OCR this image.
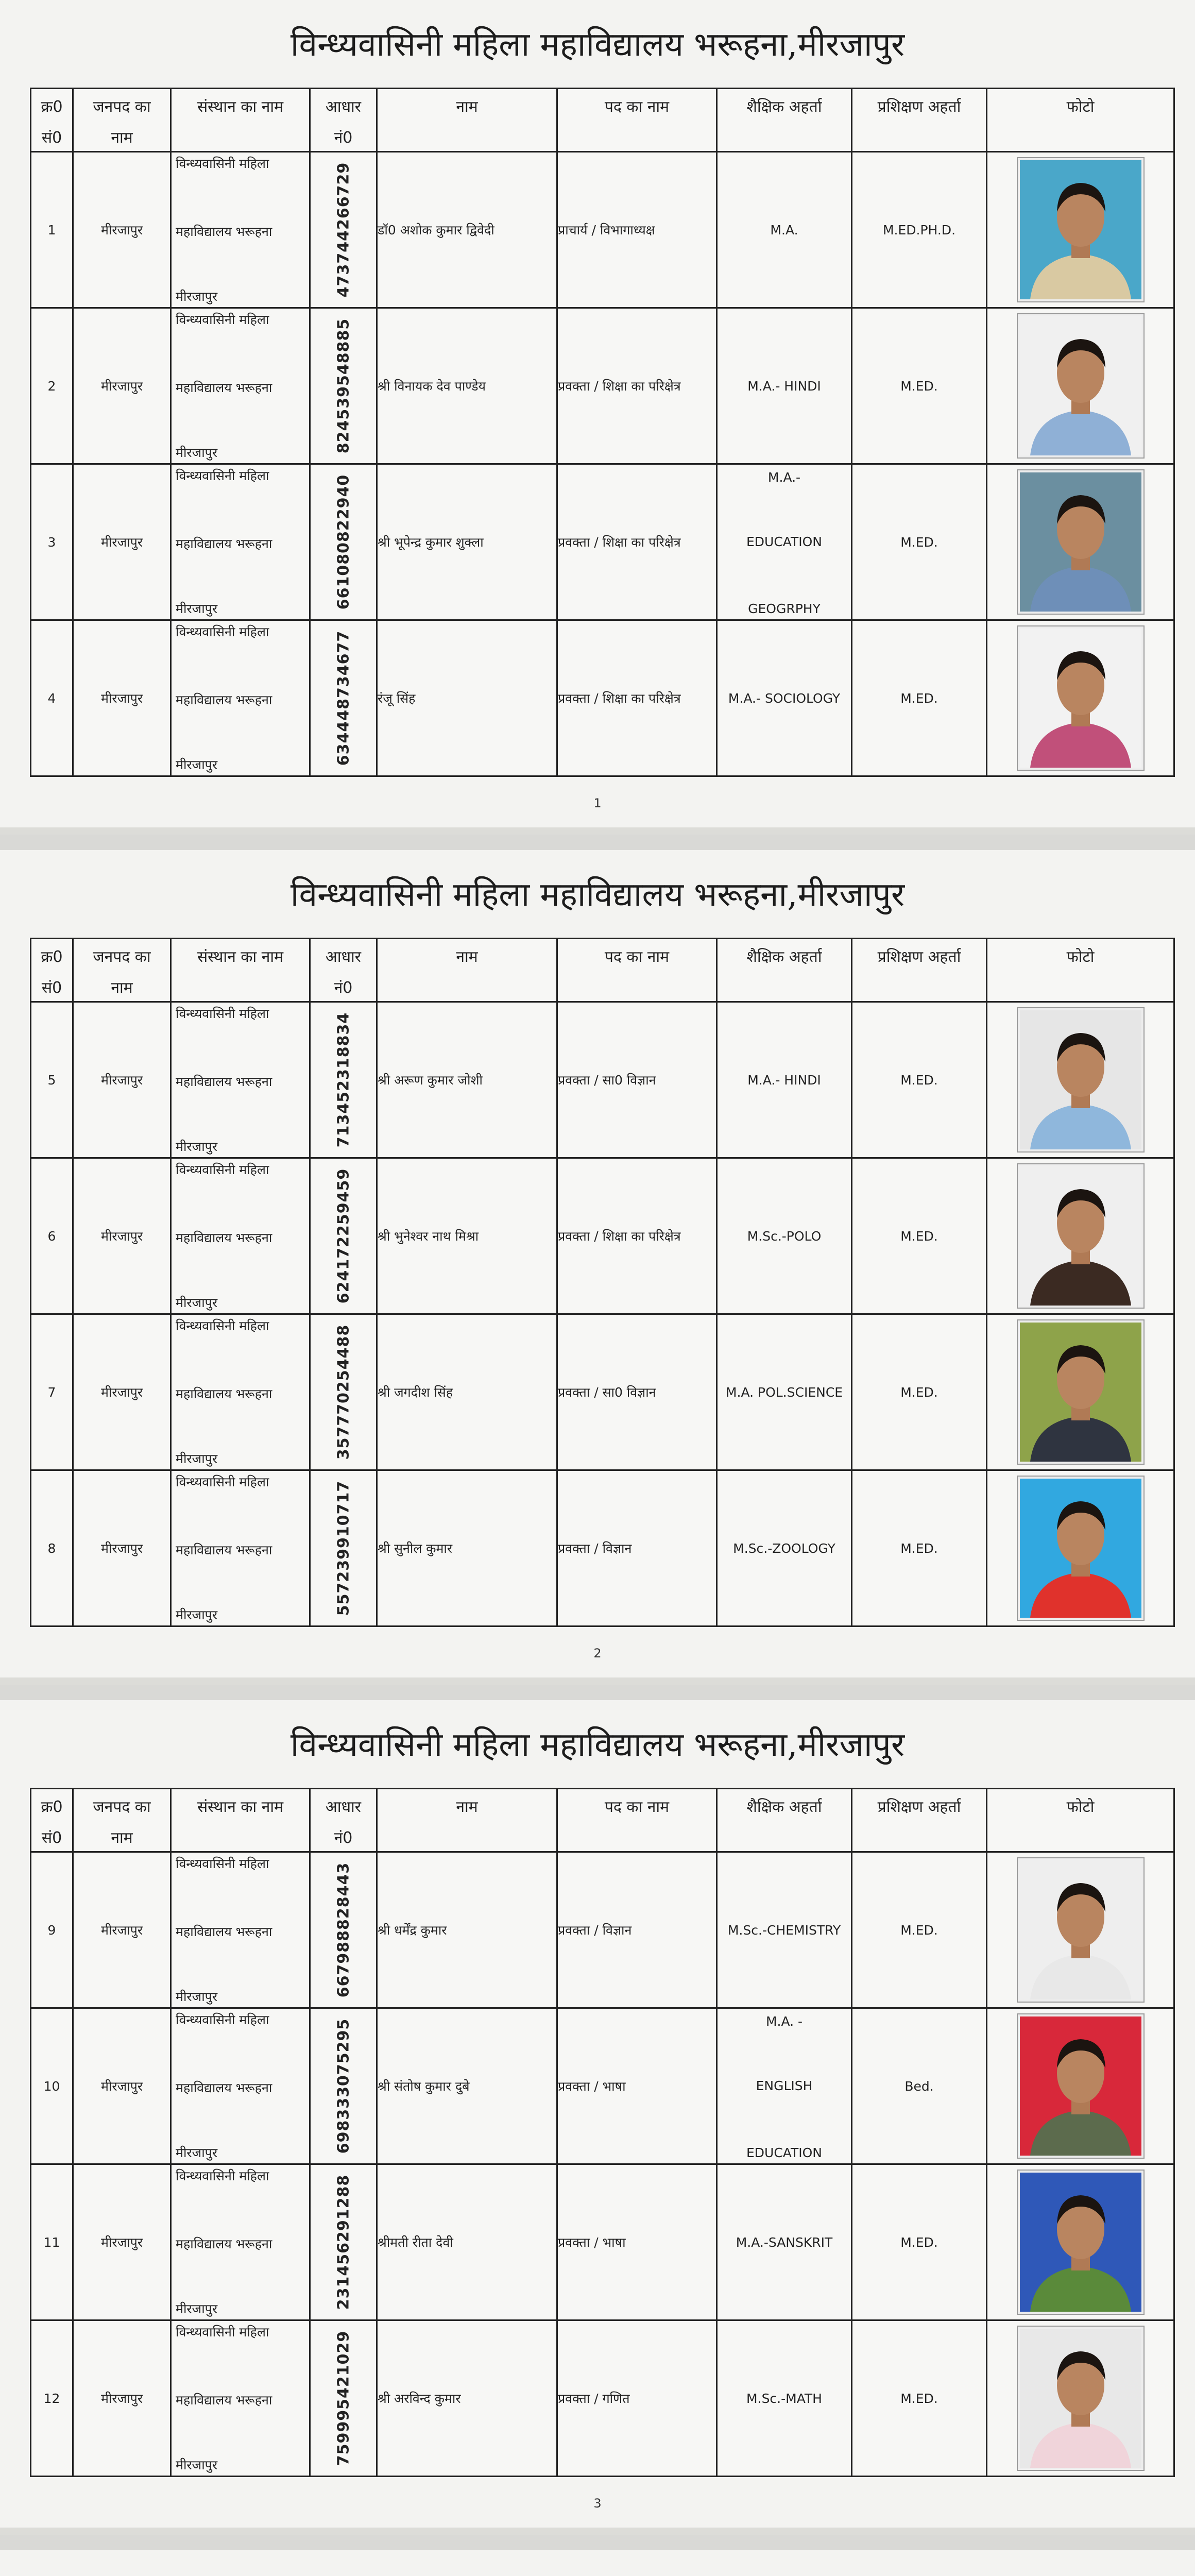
विन्ध्यवासिनी महिला महाविद्यालय भरूहना,मीरजापुर
क्र0	जनपद का	संस्थान का नाम	आधार	नाम	पद का नाम	शैक्षिक अहर्ता	प्रशिक्षण अहर्ता	फोटो
सं0	नाम		नं0					
1	मीरजापुर	विन्ध्यवासिनी महिला
महाविद्यालय भरूहना
मीरजापुर	473744266729	डॉ0 अशोक कुमार द्विवेदी	प्राचार्य / विभागाध्यक्ष	M.A.	M.ED.PH.D.	

2	मीरजापुर	विन्ध्यवासिनी महिला
महाविद्यालय भरूहना
मीरजापुर	824539548885	श्री विनायक देव पाण्डेय	प्रवक्ता / शिक्षा का परिक्षेत्र	M.A.- HINDI	M.ED.	

3	मीरजापुर	विन्ध्यवासिनी महिला
महाविद्यालय भरूहना
मीरजापुर	661080822940	श्री भूपेन्द्र कुमार शुक्ला	प्रवक्ता / शिक्षा का परिक्षेत्र	M.A.-
EDUCATION
GEOGRPHY	M.ED.	

4	मीरजापुर	विन्ध्यवासिनी महिला
महाविद्यालय भरूहना
मीरजापुर	634448734677	रंजू सिंह	प्रवक्ता / शिक्षा का परिक्षेत्र	M.A.- SOCIOLOGY	M.ED.	
1
विन्ध्यवासिनी महिला महाविद्यालय भरूहना,मीरजापुर
क्र0	जनपद का	संस्थान का नाम	आधार	नाम	पद का नाम	शैक्षिक अहर्ता	प्रशिक्षण अहर्ता	फोटो
सं0	नाम		नं0					
5	मीरजापुर	विन्ध्यवासिनी महिला
महाविद्यालय भरूहना
मीरजापुर	713452318834	श्री अरूण कुमार जोशी	प्रवक्ता / सा0 विज्ञान	M.A.- HINDI	M.ED.	

6	मीरजापुर	विन्ध्यवासिनी महिला
महाविद्यालय भरूहना
मीरजापुर	624172259459	श्री भुनेश्वर नाथ मिश्रा	प्रवक्ता / शिक्षा का परिक्षेत्र	M.Sc.-POLO	M.ED.	

7	मीरजापुर	विन्ध्यवासिनी महिला
महाविद्यालय भरूहना
मीरजापुर	357770254488	श्री जगदीश सिंह	प्रवक्ता / सा0 विज्ञान	M.A. POL.SCIENCE	M.ED.	

8	मीरजापुर	विन्ध्यवासिनी महिला
महाविद्यालय भरूहना
मीरजापुर	557239910717	श्री सुनील कुमार	प्रवक्ता / विज्ञान	M.Sc.-ZOOLOGY	M.ED.	
2
विन्ध्यवासिनी महिला महाविद्यालय भरूहना,मीरजापुर
क्र0	जनपद का	संस्थान का नाम	आधार	नाम	पद का नाम	शैक्षिक अहर्ता	प्रशिक्षण अहर्ता	फोटो
सं0	नाम		नं0					
9	मीरजापुर	विन्ध्यवासिनी महिला
महाविद्यालय भरूहना
मीरजापुर	667988828443	श्री धर्मेंद्र कुमार	प्रवक्ता / विज्ञान	M.Sc.-CHEMISTRY	M.ED.	

10	मीरजापुर	विन्ध्यवासिनी महिला
महाविद्यालय भरूहना
मीरजापुर	698333075295	श्री संतोष कुमार दुबे	प्रवक्ता / भाषा	M.A. -
ENGLISH
EDUCATION	Bed.	

11	मीरजापुर	विन्ध्यवासिनी महिला
महाविद्यालय भरूहना
मीरजापुर	231456291288	श्रीमती रीता देवी	प्रवक्ता / भाषा	M.A.-SANSKRIT	M.ED.	

12	मीरजापुर	विन्ध्यवासिनी महिला
महाविद्यालय भरूहना
मीरजापुर	759995421029	श्री अरविन्द कुमार	प्रवक्ता / गणित	M.Sc.-MATH	M.ED.	
3
